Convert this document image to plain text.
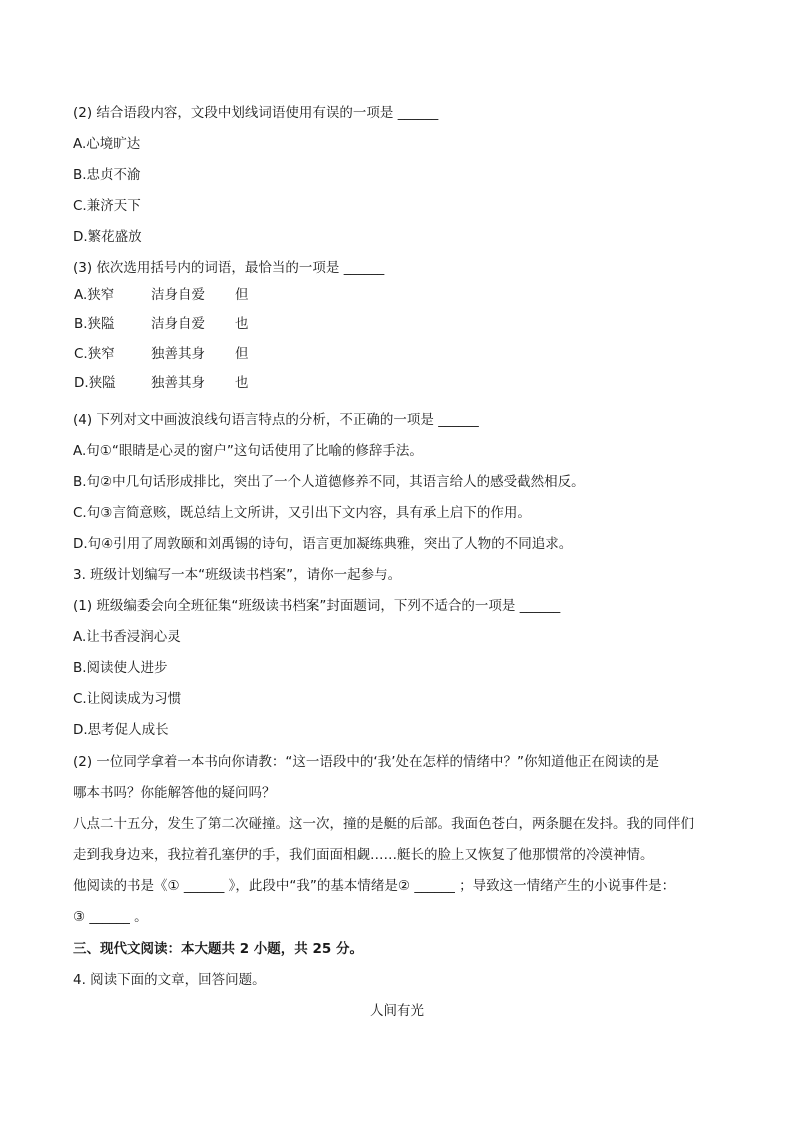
(2) 结合语段内容，文段中划线词语使用有误的一项是 ______
A.心境旷达
B.忠贞不渝
C.兼济天下
D.繁花盛放
(3) 依次选用括号内的词语，最恰当的一项是 ______
A.狭窄	洁身自爱 但
B.狭隘	洁身自爱 也
C.狭窄	独善其身 但
D.狭隘	独善其身 也
(4) 下列对文中画波浪线句语言特点的分析，不正确的一项是 ______
A.句①“眼睛是心灵的窗户”这句话使用了比喻的修辞手法。
B.句②中几句话形成排比，突出了一个人道德修养不同，其语言给人的感受截然相反。
C.句③言简意赅，既总结上文所讲，又引出下文内容，具有承上启下的作用。
D.句④引用了周敦颐和刘禹锡的诗句，语言更加凝练典雅，突出了人物的不同追求。
3. 班级计划编写一本“班级读书档案”，请你一起参与。
(1) 班级编委会向全班征集“班级读书档案”封面题词，下列不适合的一项是 ______
A.让书香浸润心灵
B.阅读使人进步
C.让阅读成为习惯
D.思考促人成长
(2) 一位同学拿着一本书向你请教：“这一语段中的‘我’处在怎样的情绪中？”你知道他正在阅读的是
哪本书吗？你能解答他的疑问吗？
八点二十五分，发生了第二次碰撞。这一次，撞的是艇的后部。我面色苍白，两条腿在发抖。我的同伴们
走到我身边来，我拉着孔塞伊的手，我们面面相觑……艇长的脸上又恢复了他那惯常的冷漠神情。
他阅读的书是《① ______ 》，此段中“我”的基本情绪是② ______ ；导致这一情绪产生的小说事件是：
③ ______ 。
三、现代文阅读：本大题共 2 小题，共 25 分。
4. 阅读下面的文章，回答问题。
人间有光
